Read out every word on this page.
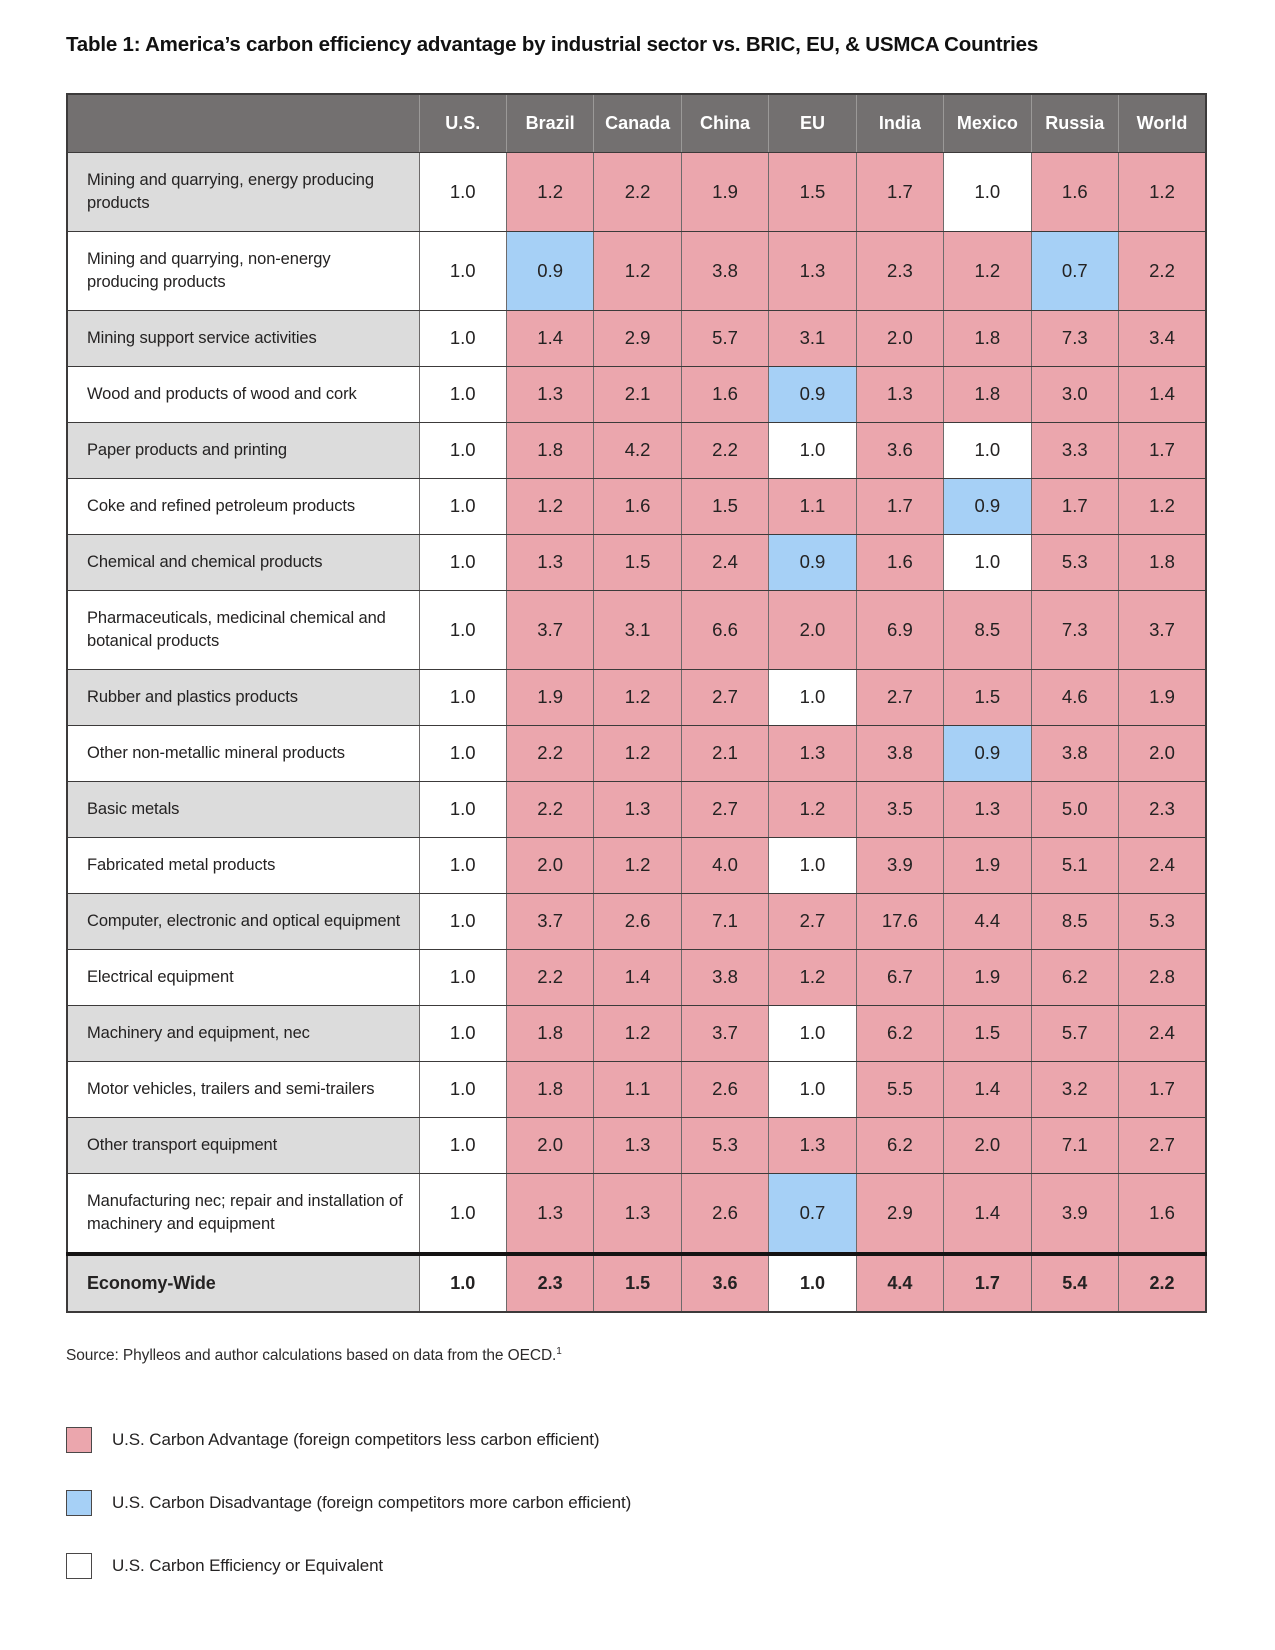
Table 1: America’s carbon efficiency advantage by industrial sector vs. BRIC, EU, & USMCA Countries
	U.S.	Brazil	Canada	China	EU	India	Mexico	Russia	World
Mining and quarrying, energy producing products	1.0	1.2	2.2	1.9	1.5	1.7	1.0	1.6	1.2
Mining and quarrying, non-energy producing products	1.0	0.9	1.2	3.8	1.3	2.3	1.2	0.7	2.2
Mining support service activities	1.0	1.4	2.9	5.7	3.1	2.0	1.8	7.3	3.4
Wood and products of wood and cork	1.0	1.3	2.1	1.6	0.9	1.3	1.8	3.0	1.4
Paper products and printing	1.0	1.8	4.2	2.2	1.0	3.6	1.0	3.3	1.7
Coke and refined petroleum products	1.0	1.2	1.6	1.5	1.1	1.7	0.9	1.7	1.2
Chemical and chemical products	1.0	1.3	1.5	2.4	0.9	1.6	1.0	5.3	1.8
Pharmaceuticals, medicinal chemical and botanical products	1.0	3.7	3.1	6.6	2.0	6.9	8.5	7.3	3.7
Rubber and plastics products	1.0	1.9	1.2	2.7	1.0	2.7	1.5	4.6	1.9
Other non-metallic mineral products	1.0	2.2	1.2	2.1	1.3	3.8	0.9	3.8	2.0
Basic metals	1.0	2.2	1.3	2.7	1.2	3.5	1.3	5.0	2.3
Fabricated metal products	1.0	2.0	1.2	4.0	1.0	3.9	1.9	5.1	2.4
Computer, electronic and optical equipment	1.0	3.7	2.6	7.1	2.7	17.6	4.4	8.5	5.3
Electrical equipment	1.0	2.2	1.4	3.8	1.2	6.7	1.9	6.2	2.8
Machinery and equipment, nec	1.0	1.8	1.2	3.7	1.0	6.2	1.5	5.7	2.4
Motor vehicles, trailers and semi-trailers	1.0	1.8	1.1	2.6	1.0	5.5	1.4	3.2	1.7
Other transport equipment	1.0	2.0	1.3	5.3	1.3	6.2	2.0	7.1	2.7
Manufacturing nec; repair and installation of machinery and equipment	1.0	1.3	1.3	2.6	0.7	2.9	1.4	3.9	1.6
Economy-Wide	1.0	2.3	1.5	3.6	1.0	4.4	1.7	5.4	2.2

Source: Phylleos and author calculations based on data from the OECD.$^1$

U.S. Carbon Advantage (foreign competitors less carbon efficient)
U.S. Carbon Disadvantage (foreign competitors more carbon efficient)
U.S. Carbon Efficiency or Equivalent
